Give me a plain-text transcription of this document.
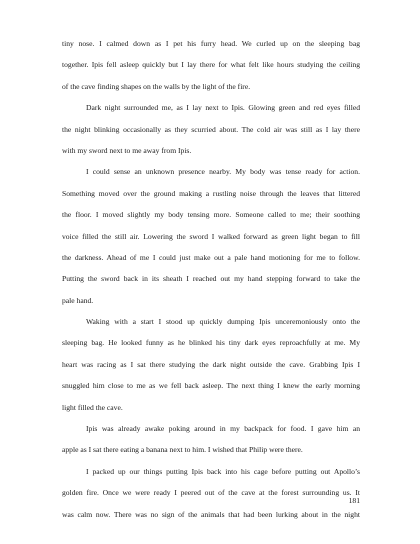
tiny nose. I calmed down as I pet his furry head. We curled up on the sleeping bag
together. Ipis fell asleep quickly but I lay there for what felt like hours studying the ceiling
of the cave finding shapes on the walls by the light of the fire.
Dark night surrounded me, as I lay next to Ipis. Glowing green and red eyes filled
the night blinking occasionally as they scurried about. The cold air was still as I lay there
with my sword next to me away from Ipis.
I could sense an unknown presence nearby. My body was tense ready for action.
Something moved over the ground making a rustling noise through the leaves that littered
the floor. I moved slightly my body tensing more. Someone called to me; their soothing
voice filled the still air. Lowering the sword I walked forward as green light began to fill
the darkness. Ahead of me I could just make out a pale hand motioning for me to follow.
Putting the sword back in its sheath I reached out my hand stepping forward to take the
pale hand.
Waking with a start I stood up quickly dumping Ipis unceremoniously onto the
sleeping bag. He looked funny as he blinked his tiny dark eyes reproachfully at me. My
heart was racing as I sat there studying the dark night outside the cave. Grabbing Ipis I
snuggled him close to me as we fell back asleep. The next thing I knew the early morning
light filled the cave.
Ipis was already awake poking around in my backpack for food. I gave him an
apple as I sat there eating a banana next to him. I wished that Philip were there.
I packed up our things putting Ipis back into his cage before putting out Apollo’s
golden fire. Once we were ready I peered out of the cave at the forest surrounding us. It
was calm now. There was no sign of the animals that had been lurking about in the night
181
